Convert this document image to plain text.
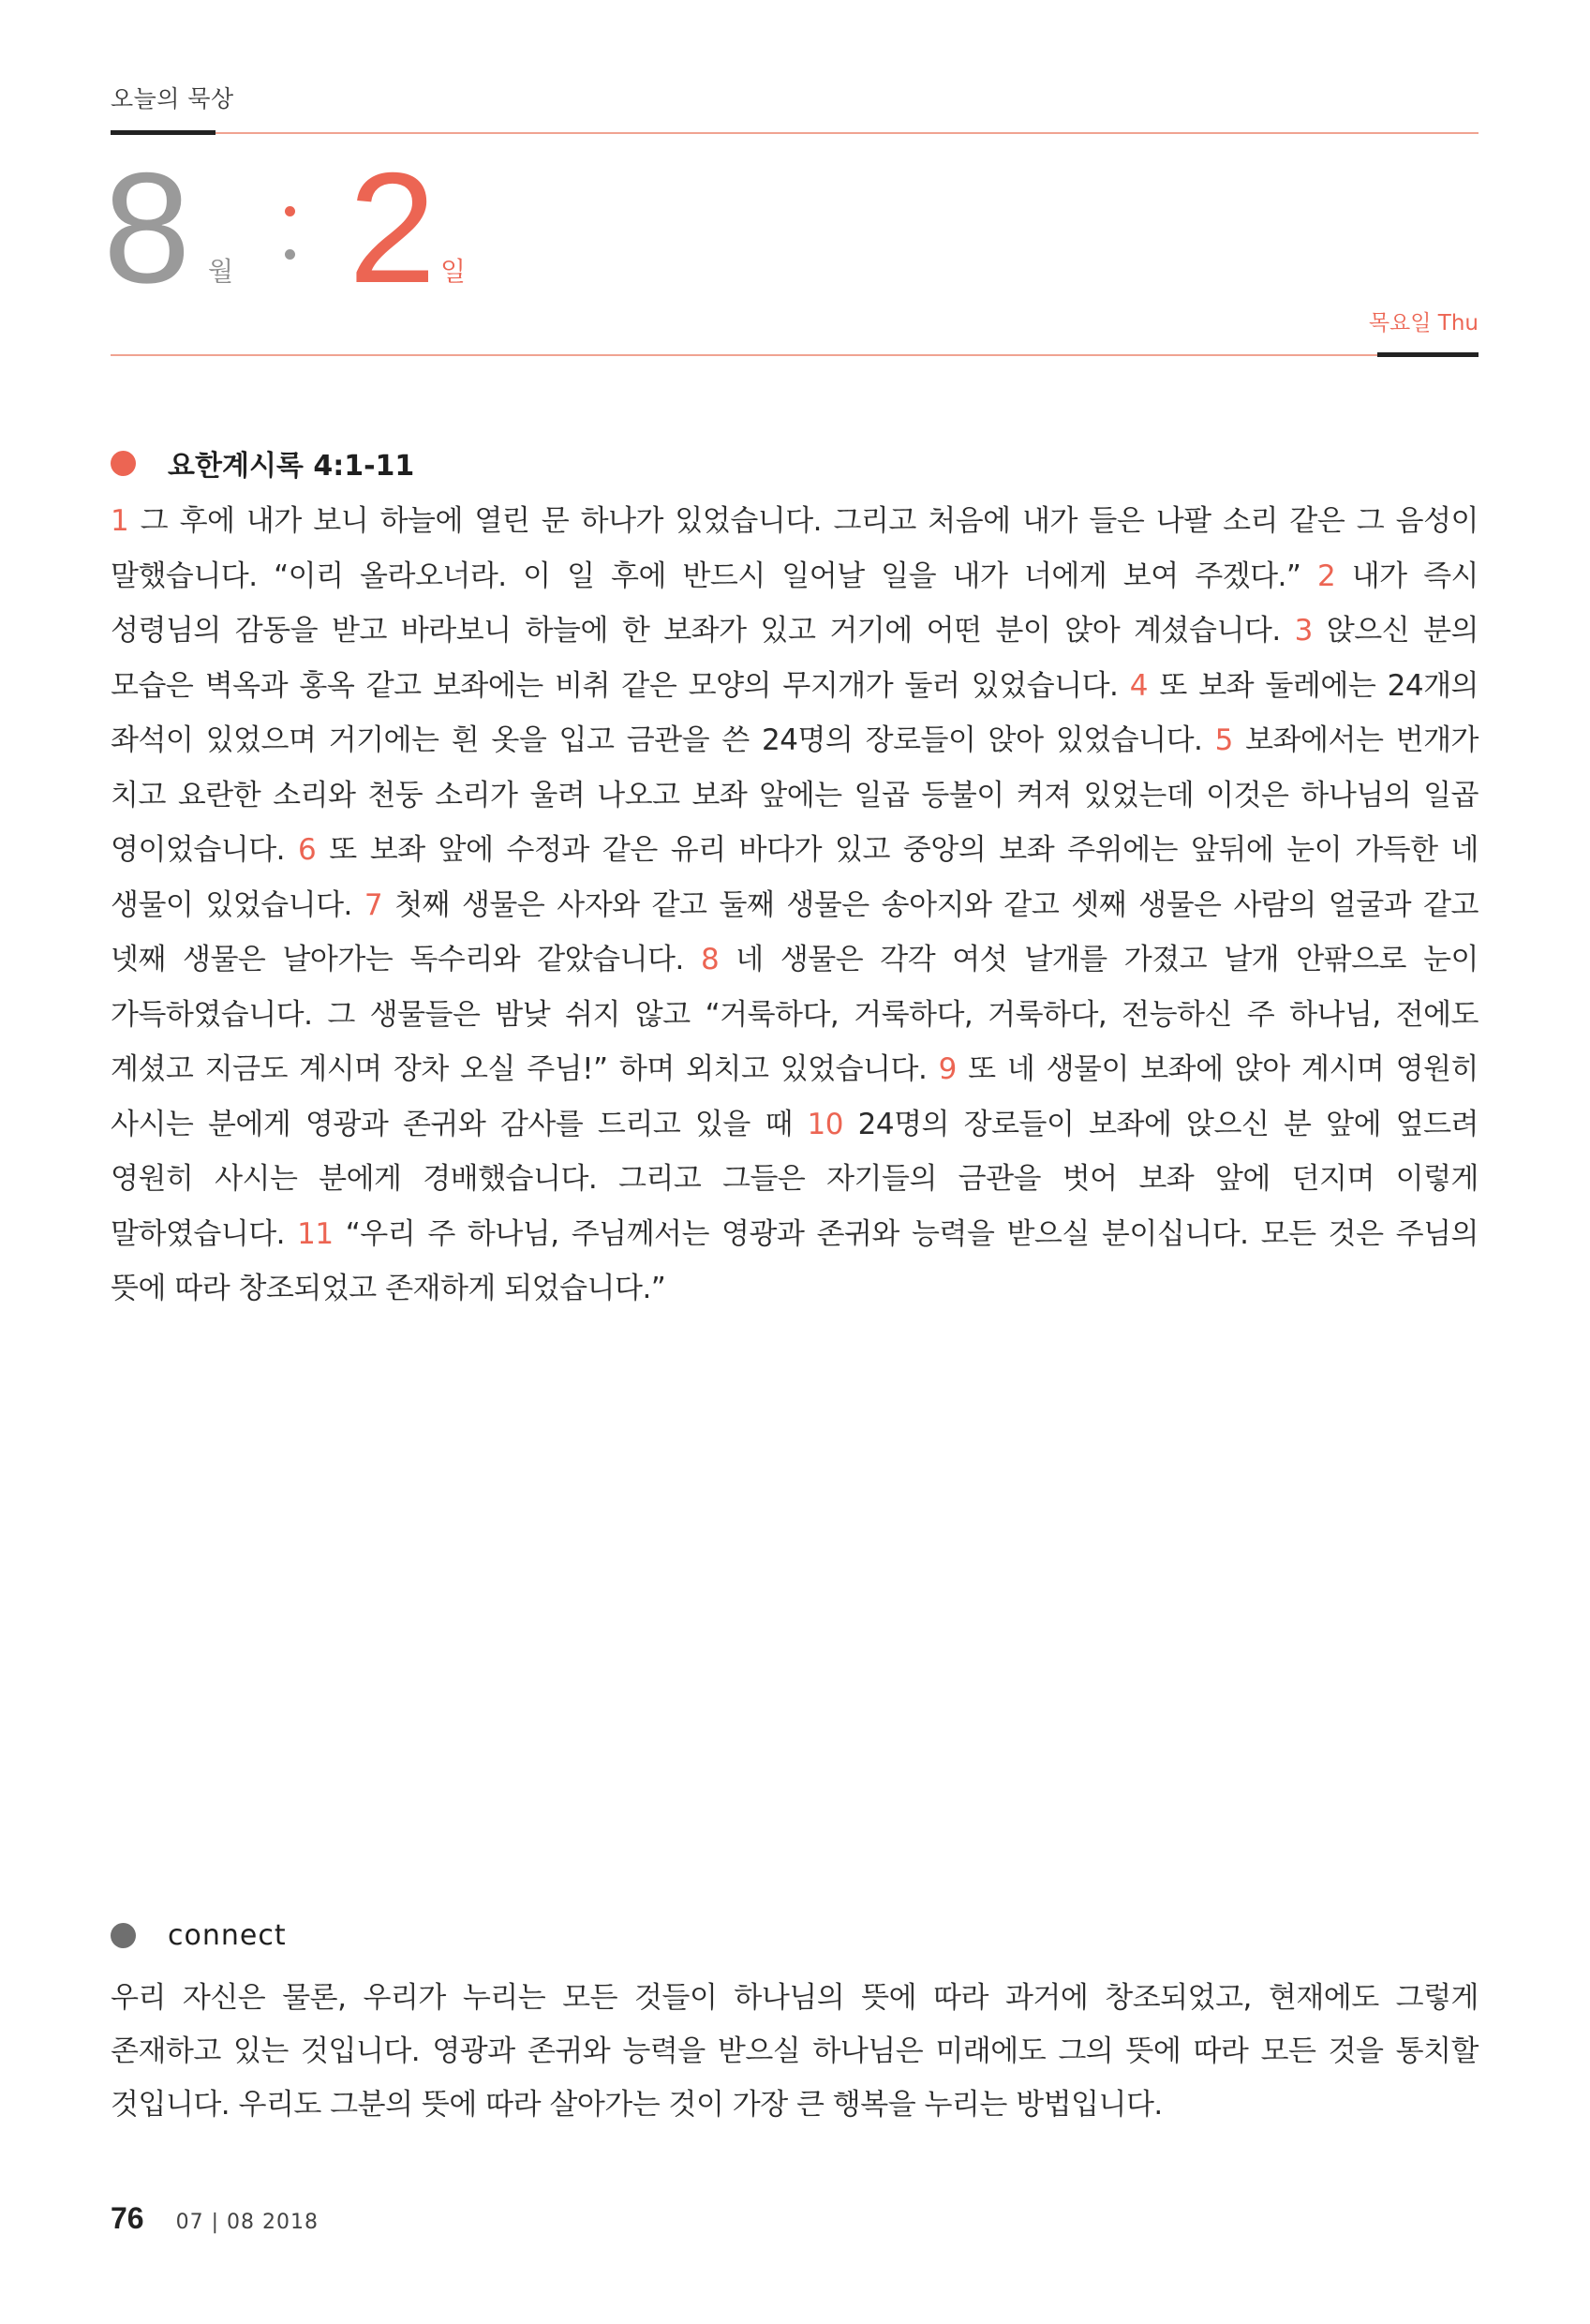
오늘의 묵상
8 월 2 일
목요일 Thu
요한계시록 4:1-11
1 그 후에 내가 보니 하늘에 열린 문 하나가 있었습니다. 그리고 처음에 내가 들은 나팔 소리 같은 그 음성이 말했습니다. “이리 올라오너라. 이 일 후에 반드시 일어날 일을 내가 너에게 보여 주겠다.” 2 내가 즉시 성령님의 감동을 받고 바라보니 하늘에 한 보좌가 있고 거기에 어떤 분이 앉아 계셨습니다. 3 앉으신 분의 모습은 벽옥과 홍옥 같고 보좌에는 비취 같은 모양의 무지개가 둘러 있었습니다. 4 또 보좌 둘레에는 24개의 좌석이 있었으며 거기에는 흰 옷을 입고 금관을 쓴 24명의 장로들이 앉아 있었습니다. 5 보좌에서는 번개가 치고 요란한 소리와 천둥 소리가 울려 나오고 보좌 앞에는 일곱 등불이 켜져 있었는데 이것은 하나님의 일곱 영이었습니다. 6 또 보좌 앞에 수정과 같은 유리 바다가 있고 중앙의 보좌 주위에는 앞뒤에 눈이 가득한 네 생물이 있었습니다. 7 첫째 생물은 사자와 같고 둘째 생물은 송아지와 같고 셋째 생물은 사람의 얼굴과 같고 넷째 생물은 날아가는 독수리와 같았습니다. 8 네 생물은 각각 여섯 날개를 가졌고 날개 안팎으로 눈이 가득하였습니다. 그 생물들은 밤낮 쉬지 않고 “거룩하다, 거룩하다, 거룩하다, 전능하신 주 하나님, 전에도 계셨고 지금도 계시며 장차 오실 주님!” 하며 외치고 있었습니다. 9 또 네 생물이 보좌에 앉아 계시며 영원히 사시는 분에게 영광과 존귀와 감사를 드리고 있을 때 10 24명의 장로들이 보좌에 앉으신 분 앞에 엎드려 영원히 사시는 분에게 경배했습니다. 그리고 그들은 자기들의 금관을 벗어 보좌 앞에 던지며 이렇게 말하였습니다. 11 “우리 주 하나님, 주님께서는 영광과 존귀와 능력을 받으실 분이십니다. 모든 것은 주님의 뜻에 따라 창조되었고 존재하게 되었습니다.”
connect
우리 자신은 물론, 우리가 누리는 모든 것들이 하나님의 뜻에 따라 과거에 창조되었고, 현재에도 그렇게 존재하고 있는 것입니다. 영광과 존귀와 능력을 받으실 하나님은 미래에도 그의 뜻에 따라 모든 것을 통치할 것입니다. 우리도 그분의 뜻에 따라 살아가는 것이 가장 큰 행복을 누리는 방법입니다.
76 07 | 08 2018
